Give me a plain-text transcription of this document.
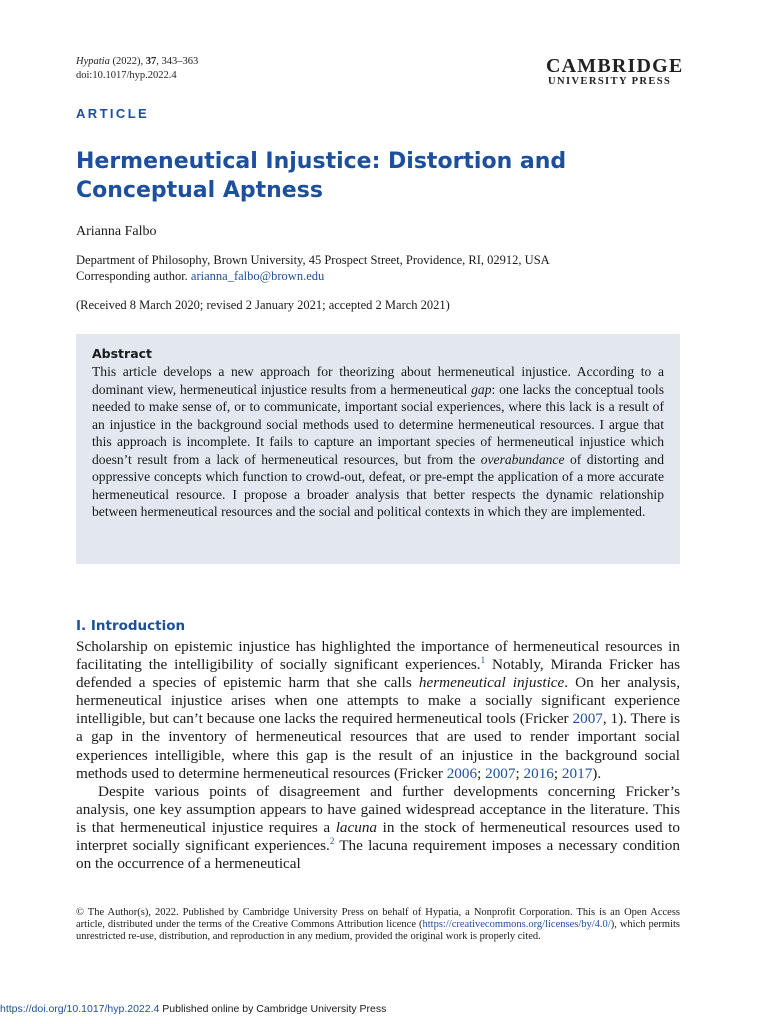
Hypatia (2022), 37, 343–363
doi:10.1017/hyp.2022.4	CAMBRIDGE
UNIVERSITY PRESS
ARTICLE
Hermeneutical Injustice: Distortion and Conceptual Aptness
Arianna Falbo
Department of Philosophy, Brown University, 45 Prospect Street, Providence, RI, 02912, USA
Corresponding author. arianna_falbo@brown.edu
(Received 8 March 2020; revised 2 January 2021; accepted 2 March 2021)
Abstract
This article develops a new approach for theorizing about hermeneutical injustice. According to a dominant view, hermeneutical injustice results from a hermeneutical gap: one lacks the conceptual tools needed to make sense of, or to communicate, important social experiences, where this lack is a result of an injustice in the background social methods used to determine hermeneutical resources. I argue that this approach is incomplete. It fails to capture an important species of hermeneutical injustice which doesn’t result from a lack of hermeneutical resources, but from the overabundance of distorting and oppressive concepts which function to crowd-out, defeat, or pre-empt the application of a more accurate hermeneutical resource. I propose a broader analysis that better respects the dynamic relationship between hermeneutical resources and the social and political contexts in which they are implemented.
I. Introduction

Scholarship on epistemic injustice has highlighted the importance of hermeneutical resources in facilitating the intelligibility of socially significant experiences.$^1$ Notably, Miranda Fricker has defended a species of epistemic harm that she calls hermeneutical injustice. On her analysis, hermeneutical injustice arises when one attempts to make a socially significant experience intelligible, but can’t because one lacks the required hermeneutical tools (Fricker 2007, 1). There is a gap in the inventory of hermeneutical resources that are used to render important social experiences intelligible, where this gap is the result of an injustice in the background social methods used to determine hermeneutical resources (Fricker 2006; 2007; 2016; 2017).

Despite various points of disagreement and further developments concerning Fricker’s analysis, one key assumption appears to have gained widespread acceptance in the literature. This is that hermeneutical injustice requires a lacuna in the stock of hermeneutical resources used to interpret socially significant experiences.$^2$ The lacuna requirement imposes a necessary condition on the occurrence of a hermeneutical

© The Author(s), 2022. Published by Cambridge University Press on behalf of Hypatia, a Nonprofit Corporation. This is an Open Access article, distributed under the terms of the Creative Commons Attribution licence (https://creativecommons.org/licenses/by/4.0/), which permits unrestricted re-use, distribution, and reproduction in any medium, provided the original work is properly cited.
https://doi.org/10.1017/hyp.2022.4 Published online by Cambridge University Press
